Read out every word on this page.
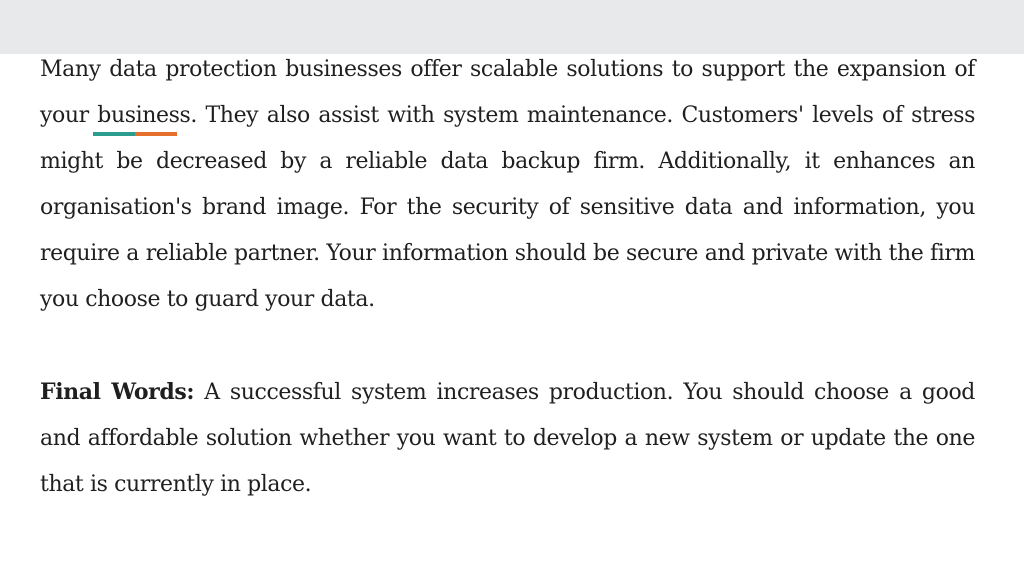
Many data protection businesses offer scalable solutions to support the expansion of your business. They also assist with system maintenance. Customers' levels of stress might be decreased by a reliable data backup firm. Additionally, it enhances an organisation's brand image. For the security of sensitive data and information, you require a reliable partner. Your information should be secure and private with the firm you choose to guard your data.

Final Words: A successful system increases production. You should choose a good and affordable solution whether you want to develop a new system or update the one that is currently in place.
